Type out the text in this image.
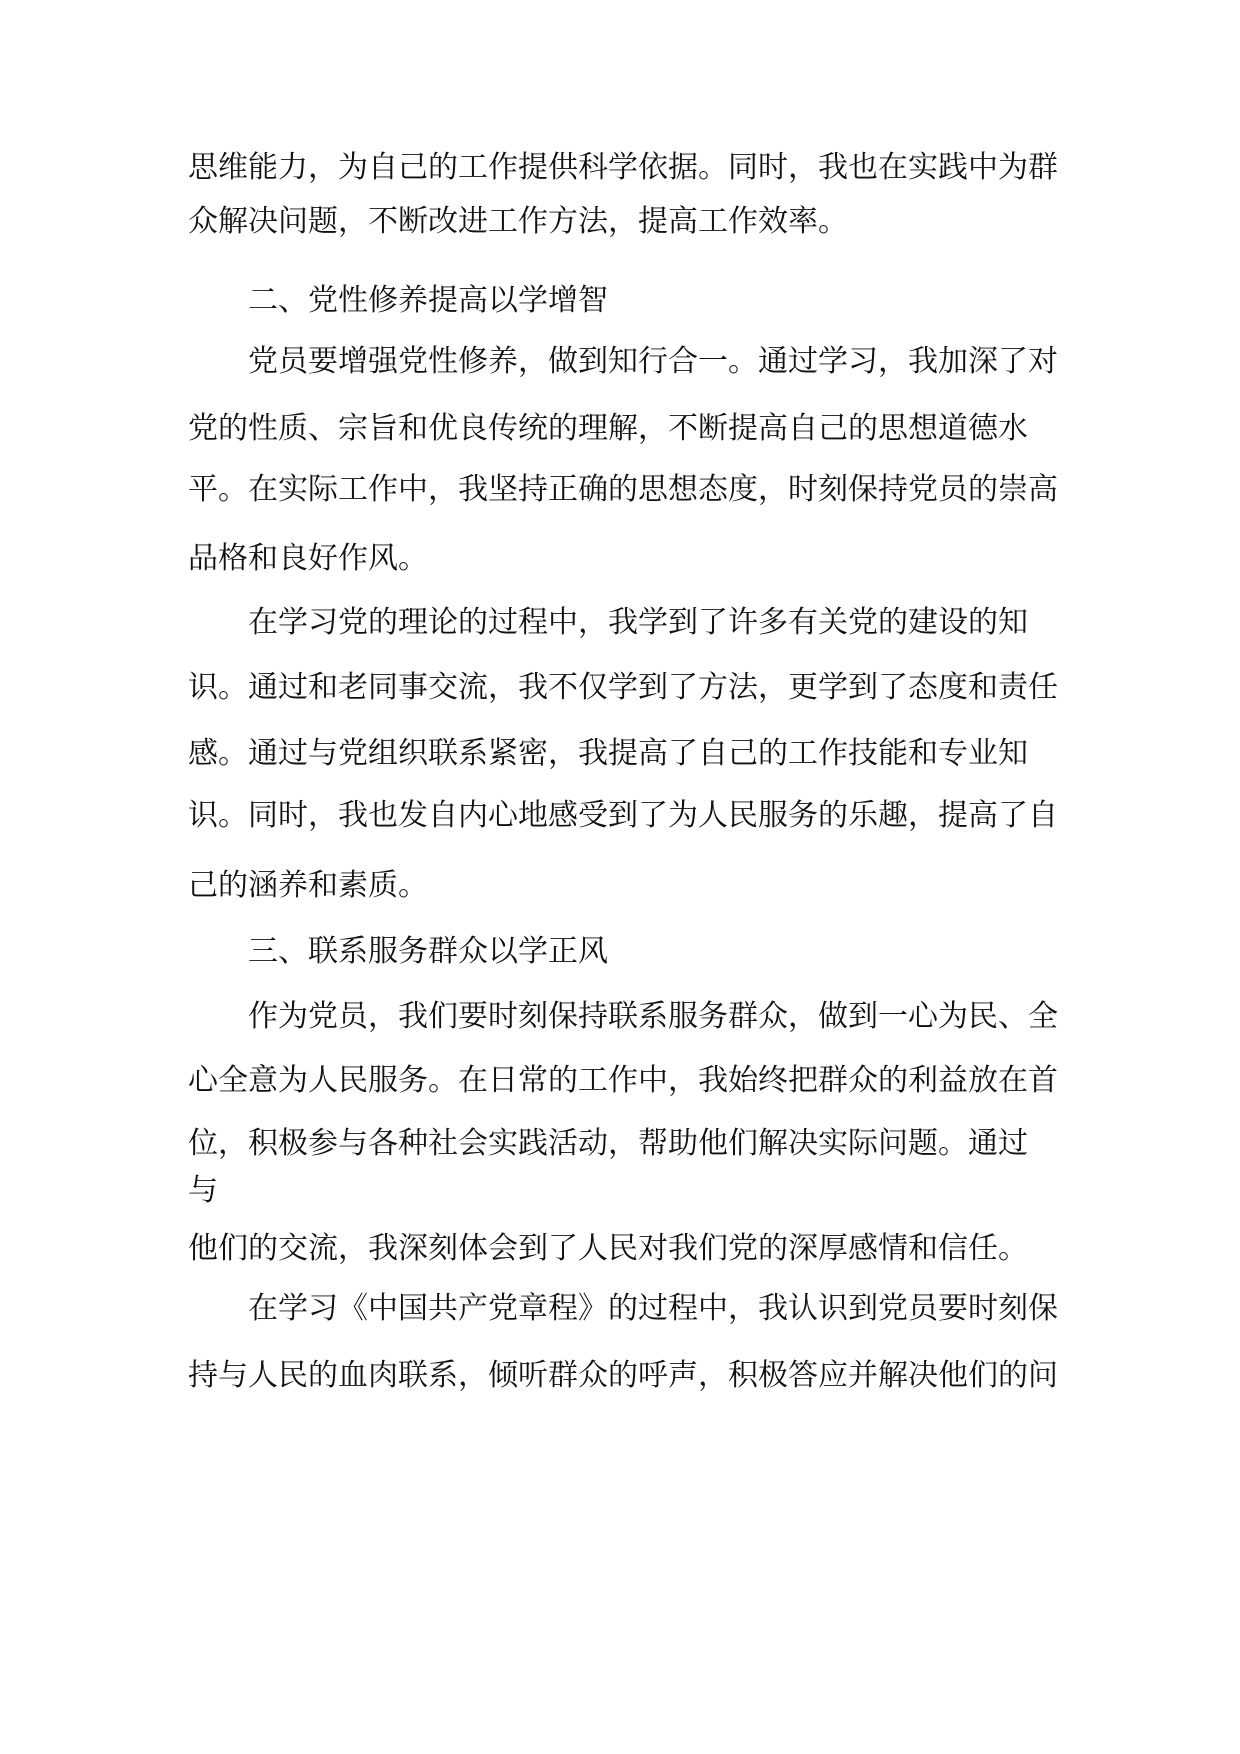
思维能力，为自己的工作提供科学依据。同时，我也在实践中为群

众解决问题，不断改进工作方法，提高工作效率。

二、党性修养提高以学增智

党员要增强党性修养，做到知行合一。通过学习，我加深了对

党的性质、宗旨和优良传统的理解，不断提高自己的思想道德水

平。在实际工作中，我坚持正确的思想态度，时刻保持党员的崇高

品格和良好作风。

在学习党的理论的过程中，我学到了许多有关党的建设的知

识。通过和老同事交流，我不仅学到了方法，更学到了态度和责任

感。通过与党组织联系紧密，我提高了自己的工作技能和专业知

识。同时，我也发自内心地感受到了为人民服务的乐趣，提高了自

己的涵养和素质。

三、联系服务群众以学正风

作为党员，我们要时刻保持联系服务群众，做到一心为民、全

心全意为人民服务。在日常的工作中，我始终把群众的利益放在首

位，积极参与各种社会实践活动，帮助他们解决实际问题。通过

与

他们的交流，我深刻体会到了人民对我们党的深厚感情和信任。

在学习《中国共产党章程》的过程中，我认识到党员要时刻保

持与人民的血肉联系，倾听群众的呼声，积极答应并解决他们的问
